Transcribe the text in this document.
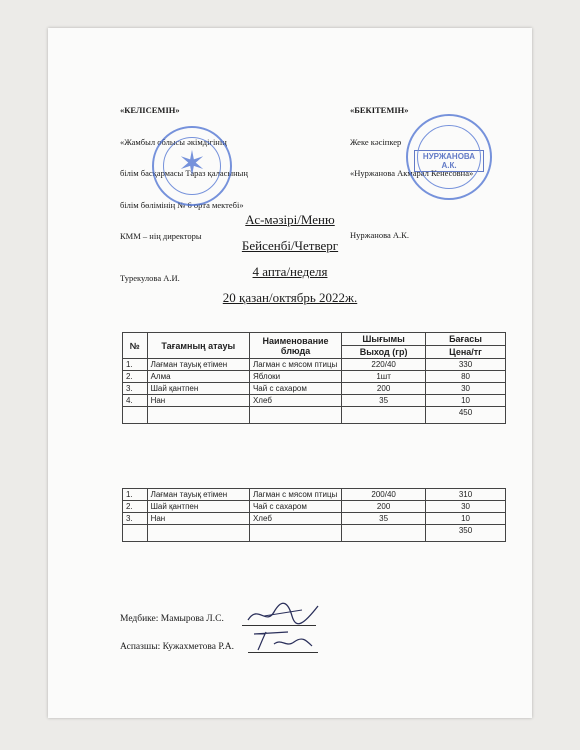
«КЕЛІСЕМІН»

«Жамбыл облысы әкімдігінің

білім басқармасы Тараз қаласының

білім бөлімінің № 6 орта мектебі»

КММ – нің директоры

Турекулова А.И.

✶

«БЕКІТЕМІН»

Жеке кәсіпкер

«Нуржанова Акмарал Кенесовна»

Нуржанова А.К.

НУРЖАНОВА А.К.
Ас-мәзірі/Меню
Бейсенбі/Четверг
4 апта/неделя
20 қазан/октябрь 2022ж.
№	Тағамның атауы	Наименование блюда	Шығымы	Бағасы
			Выход (гр)	Цена/тг
1.	Лағман тауық етімен	Лагман с мясом птицы	220/40	330
2.	Алма	Яблоки	1шт	80
3.	Шай қантпен	Чай с сахаром	200	30
4.	Нан	Хлеб	35	10
				450
1.	Лағман тауық етімен	Лагман с мясом птицы	200/40	310
2.	Шай қантпен	Чай с сахаром	200	30
3.	Нан	Хлеб	35	10
				350
Медбике: Мамырова Л.С.
Аспазшы: Кужахметова Р.А.
